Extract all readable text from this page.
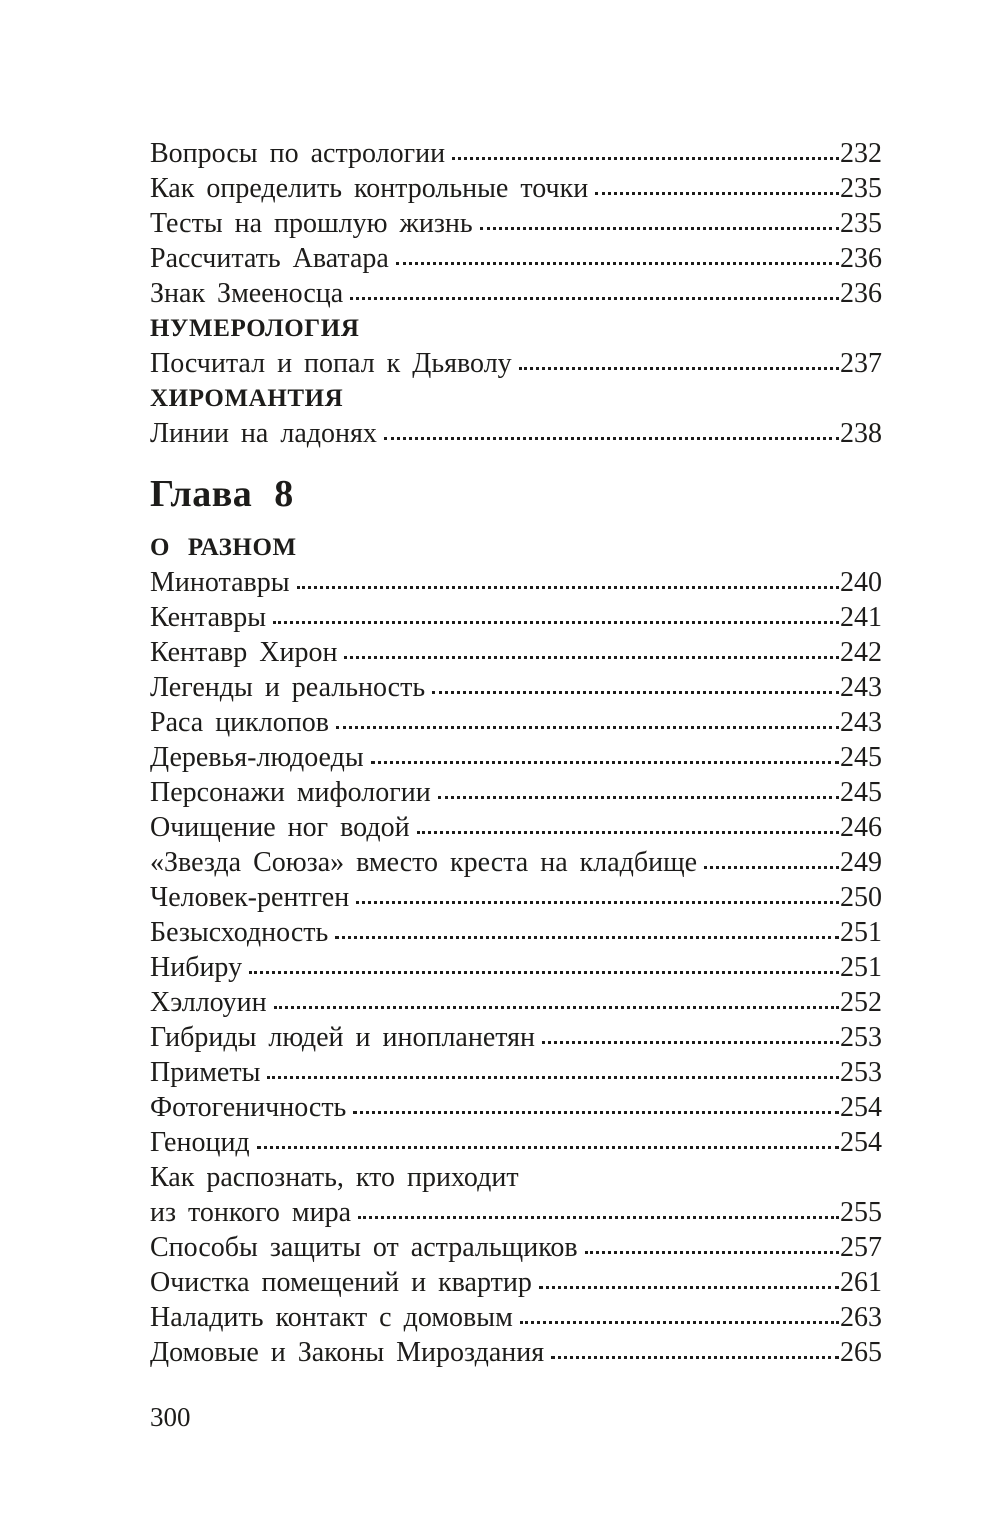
Вопросы по астрологии	232
Как определить контрольные точки	235
Тесты на прошлую жизнь	235
Рассчитать Аватара	236
Знак Змееносца	236
НУМЕРОЛОГИЯ
Посчитал и попал к Дьяволу	237
ХИРОМАНТИЯ
Линии на ладонях	238
Глава 8
О РАЗНОМ
Минотавры	240
Кентавры	241
Кентавр Хирон	242
Легенды и реальность	243
Раса циклопов	243
Деревья-людоеды	245
Персонажи мифологии	245
Очищение ног водой	246
«Звезда Союза» вместо креста на кладбище	249
Человек-рентген	250
Безысходность	251
Нибиру	251
Хэллоуин	252
Гибриды людей и инопланетян	253
Приметы	253
Фотогеничность	254
Геноцид	254
Как распознать, кто приходит
из тонкого мира	255
Способы защиты от астральщиков	257
Очистка помещений и квартир	261
Наладить контакт с домовым	263
Домовые и Законы Мироздания	265
300
